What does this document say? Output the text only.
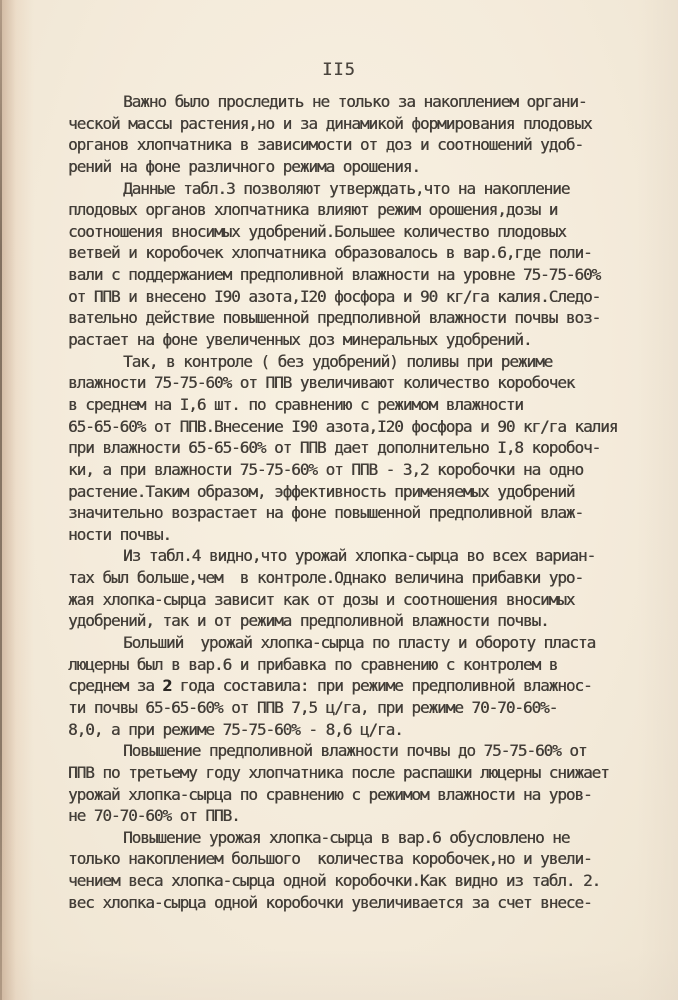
II5
Важно было проследить не только за накоплением органи-
ческой массы растения,но и за динамикой формирования плодовых
органов хлопчатника в зависимости от доз и соотношений удоб-
рений на фоне различного режима орошения.
Данные табл.3 позволяют утверждать,что на накопление
плодовых органов хлопчатника влияют режим орошения,дозы и
соотношения вносимых удобрений.Большее количество плодовых
ветвей и коробочек хлопчатника образовалось в вар.6,где поли-
вали с поддержанием предполивной влажности на уровне 75-75-60%
от ППВ и внесено I90 азота,I20 фосфора и 90 кг/га калия.Следо-
вательно действие повышенной предполивной влажности почвы воз-
растает на фоне увеличенных доз минеральных удобрений.
Так, в контроле ( без удобрений) поливы при режиме
влажности 75-75-60% от ППВ увеличивают количество коробочек
в среднем на I,6 шт. по сравнению с режимом влажности
65-65-60% от ППВ.Внесение I90 азота,I20 фосфора и 90 кг/га калия
при влажности 65-65-60% от ППВ дает дополнительно I,8 коробоч-
ки, а при влажности 75-75-60% от ППВ - 3,2 коробочки на одно
растение.Таким образом, эффективность применяемых удобрений
значительно возрастает на фоне повышенной предполивной влаж-
ности почвы.
Из табл.4 видно,что урожай хлопка-сырца во всех вариан-
тах был больше,чем  в контроле.Однако величина прибавки уро-
жая хлопка-сырца зависит как от дозы и соотношения вносимых
удобрений, так и от режима предполивной влажности почвы.
Больший  урожай хлопка-сырца по пласту и обороту пласта
люцерны был в вар.6 и прибавка по сравнению с контролем в
среднем за 2 года составила: при режиме предполивной влажнос-
ти почвы 65-65-60% от ППВ 7,5 ц/га, при режиме 70-70-60%-
8,0, а при режиме 75-75-60% - 8,6 ц/га.
Повышение предполивной влажности почвы до 75-75-60% от
ППВ по третьему году хлопчатника после распашки люцерны снижает
урожай хлопка-сырца по сравнению с режимом влажности на уров-
не 70-70-60% от ППВ.
Повышение урожая хлопка-сырца в вар.6 обусловлено не
только накоплением большого  количества коробочек,но и увели-
чением веса хлопка-сырца одной коробочки.Как видно из табл. 2.
вес хлопка-сырца одной коробочки увеличивается за счет внесе-
